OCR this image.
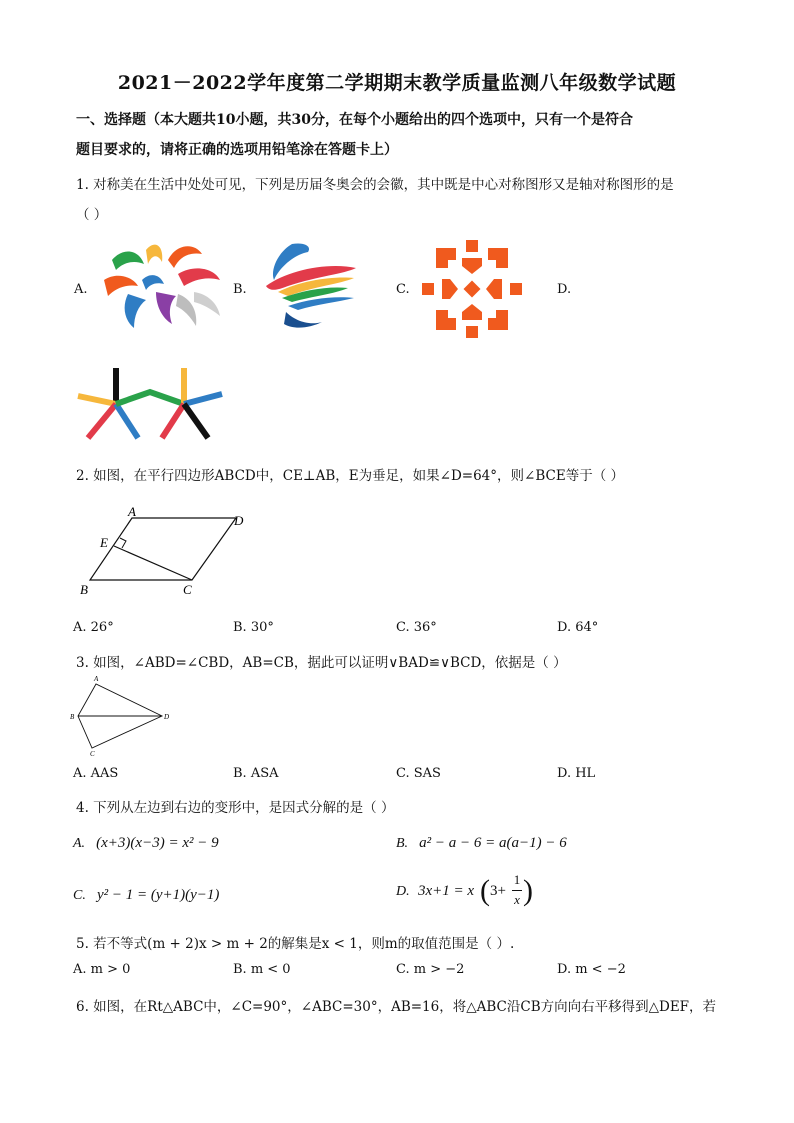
2021－2022学年度第二学期期末教学质量监测八年级数学试题
一、选择题（本大题共10小题，共30分，在每个小题给出的四个选项中，只有一个是符合
题目要求的，请将正确的选项用铅笔涂在答题卡上）
1. 对称美在生活中处处可见，下列是历届冬奥会的会徽，其中既是中心对称图形又是轴对称图形的是
（ ）
A.	B.	C.	D.
2. 如图，在平行四边形ABCD中，CE⊥AB，E为垂足，如果∠D=64°，则∠BCE等于（ ）
A
D
E
B	C
A. 26°	B. 30°	C. 36°	D. 64°
3. 如图，∠ABD=∠CBD，AB=CB，据此可以证明∨BAD≌∨BCD，依据是（ ）
A
B
C
D
A. AAS	B. ASA	C. SAS	D. HL
4. 下列从左边到右边的变形中，是因式分解的是（ ）
A. (x+3)(x−3) = x² − 9	B. a² − a − 6 = a(a−1) − 6
C. y² − 1 = (y+1)(y−1)	D. 3x+1 = x ( 3+
1
x )
5. 若不等式(m + 2)x > m + 2的解集是x < 1，则m的取值范围是（ ）.
A. m > 0	B. m < 0	C. m > −2	D. m < −2
6. 如图，在Rt△ABC中，∠C=90°，∠ABC=30°，AB=16，将△ABC沿CB方向向右平移得到△DEF，若
